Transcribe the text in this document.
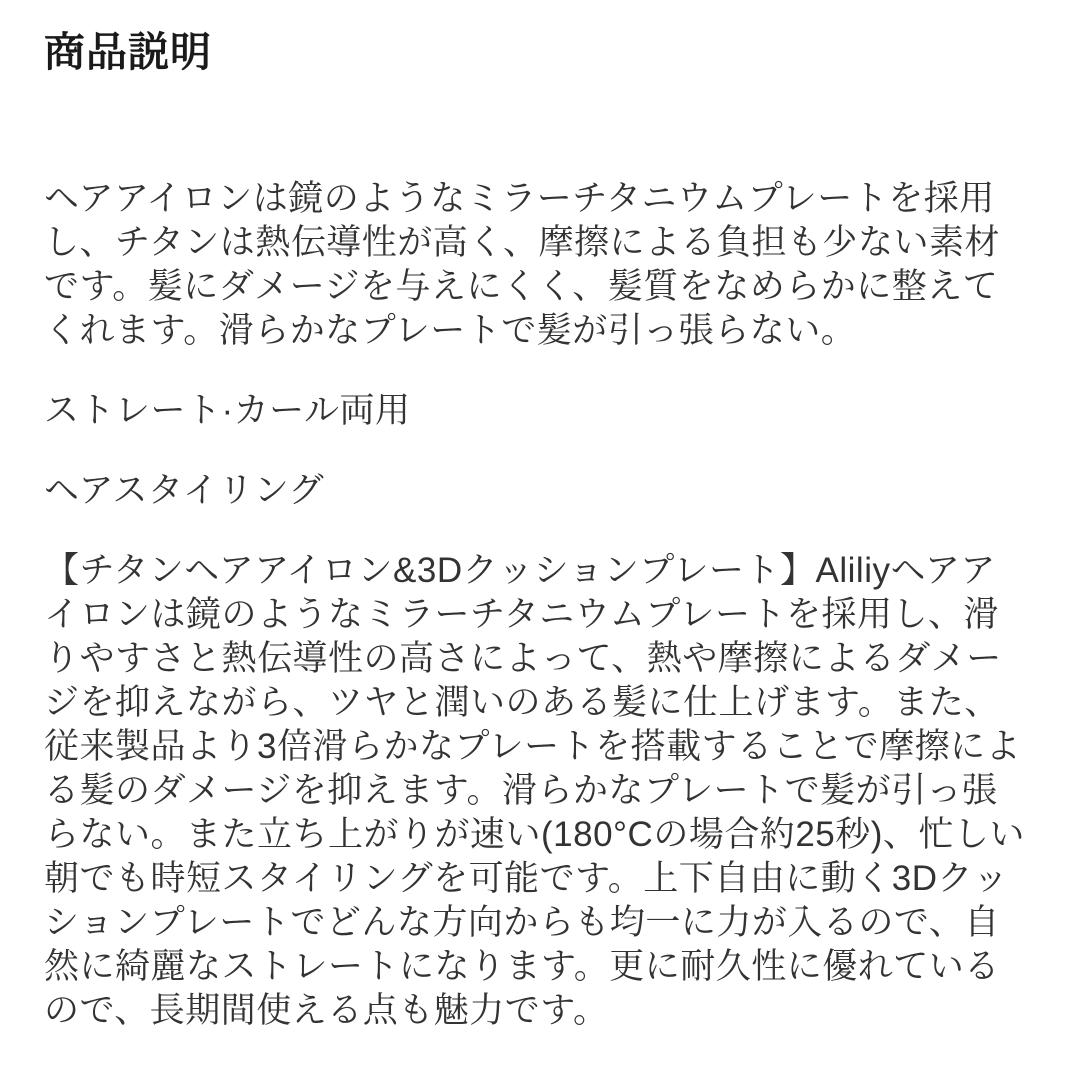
商品説明

ヘアアイロンは鏡のようなミラーチタニウムプレートを採用し、チタンは熱伝導性が高く、摩擦による負担も少ない素材です。髪にダメージを与えにくく、髪質をなめらかに整えてくれます。滑らかなプレートで髪が引っ張らない。

ストレート·カール両用

ヘアスタイリング

【チタンヘアアイロン&3Dクッションプレート】Aliliyヘアアイロンは鏡のようなミラーチタニウムプレートを採用し、滑りやすさと熱伝導性の高さによって、熱や摩擦によるダメージを抑えながら、ツヤと潤いのある髪に仕上げます。また、従来製品より3倍滑らかなプレートを搭載することで摩擦による髪のダメージを抑えます。滑らかなプレートで髪が引っ張らない。また立ち上がりが速い(180°Cの場合約25秒)、忙しい朝でも時短スタイリングを可能です。上下自由に動く3Dクッションプレートでどんな方向からも均一に力が入るので、自然に綺麗なストレートになります。更に耐久性に優れているので、長期間使える点も魅力です。
